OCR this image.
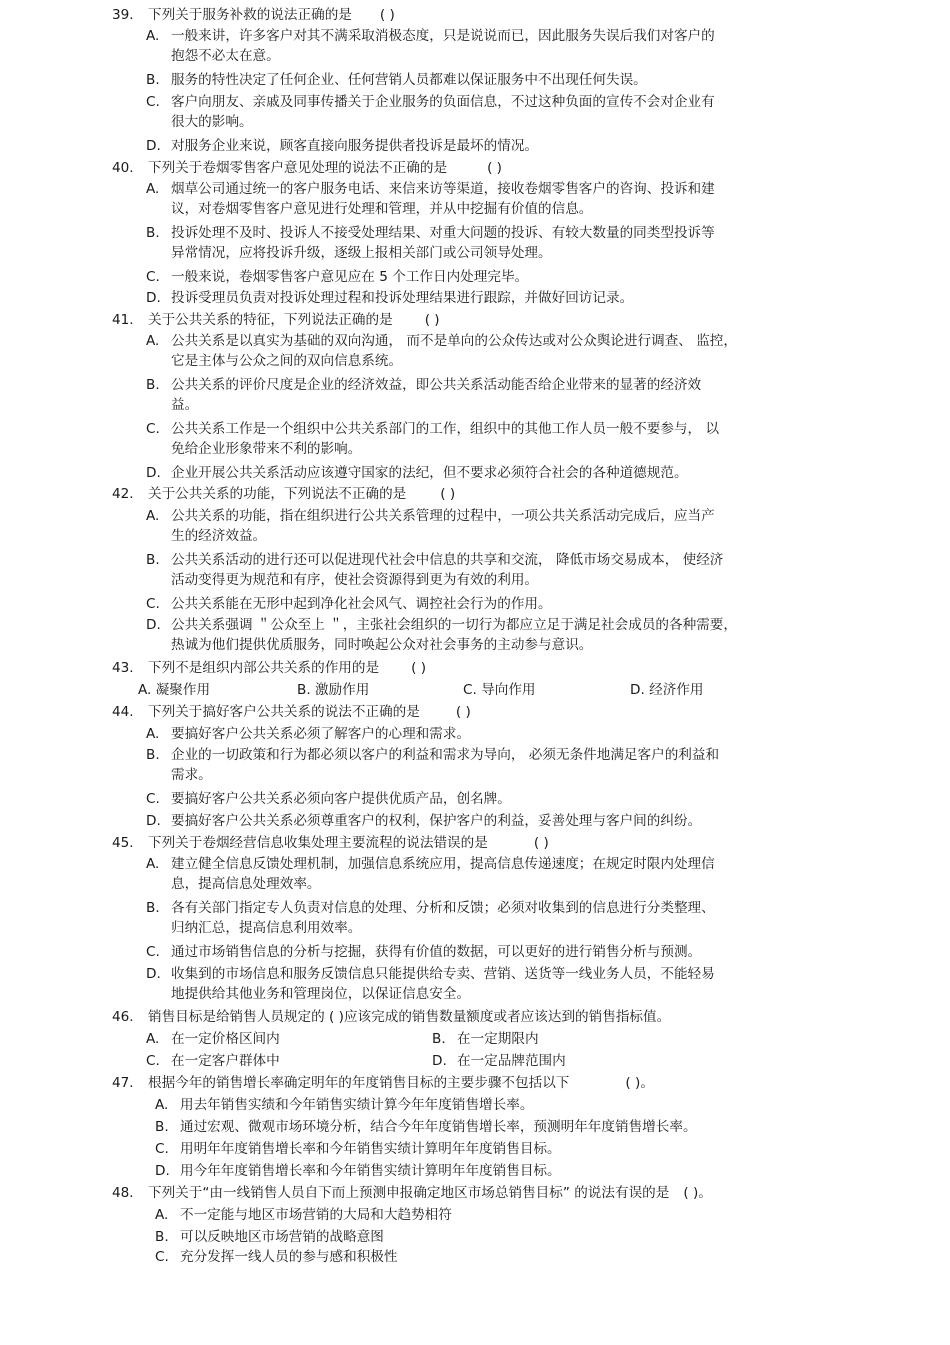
39. 下列关于服务补救的说法正确的是 ( )
A. 一般来讲，许多客户对其不满采取消极态度，只是说说而已，因此服务失误后我们对客户的
抱怨不必太在意。
B. 服务的特性决定了任何企业、任何营销人员都难以保证服务中不出现任何失误。
C. 客户向朋友、亲戚及同事传播关于企业服务的负面信息，不过这种负面的宣传不会对企业有
很大的影响。
D. 对服务企业来说，顾客直接向服务提供者投诉是最坏的情况。
40. 下列关于卷烟零售客户意见处理的说法不正确的是	( )
A. 烟草公司通过统一的客户服务电话、来信来访等渠道，接收卷烟零售客户的咨询、投诉和建
议，对卷烟零售客户意见进行处理和管理，并从中挖掘有价值的信息。
B. 投诉处理不及时、投诉人不接受处理结果、对重大问题的投诉、有较大数量的同类型投诉等
异常情况，应将投诉升级，逐级上报相关部门或公司领导处理。
C. 一般来说，卷烟零售客户意见应在 5 个工作日内处理完毕。
D. 投诉受理员负责对投诉处理过程和投诉处理结果进行跟踪，并做好回访记录。
41. 关于公共关系的特征，下列说法正确的是 ( )
A. 公共关系是以真实为基础的双向沟通， 而不是单向的公众传达或对公众舆论进行调查、 监控，
它是主体与公众之间的双向信息系统。
B. 公共关系的评价尺度是企业的经济效益，即公共关系活动能否给企业带来的显著的经济效
益。
C. 公共关系工作是一个组织中公共关系部门的工作，组织中的其他工作人员一般不要参与， 以
免给企业形象带来不利的影响。
D. 企业开展公共关系活动应该遵守国家的法纪，但不要求必须符合社会的各种道德规范。
42. 关于公共关系的功能，下列说法不正确的是	( )
A. 公共关系的功能，指在组织进行公共关系管理的过程中，一项公共关系活动完成后，应当产
生的经济效益。
B. 公共关系活动的进行还可以促进现代社会中信息的共享和交流， 降低市场交易成本， 使经济
活动变得更为规范和有序，使社会资源得到更为有效的利用。
C. 公共关系能在无形中起到净化社会风气、调控社会行为的作用。
D. 公共关系强调 ＂公众至上 ＂，主张社会组织的一切行为都应立足于满足社会成员的各种需要，
热诚为他们提供优质服务，同时唤起公众对社会事务的主动参与意识。
43. 下列不是组织内部公共关系的作用的是 ( )
A. 凝聚作用	B. 激励作用	C. 导向作用	D. 经济作用
44. 下列关于搞好客户公共关系的说法不正确的是	( )
A. 要搞好客户公共关系必须了解客户的心理和需求。
B. 企业的一切政策和行为都必须以客户的利益和需求为导向， 必须无条件地满足客户的利益和
需求。
C. 要搞好客户公共关系必须向客户提供优质产品，创名牌。
D. 要搞好客户公共关系必须尊重客户的权利，保护客户的利益，妥善处理与客户间的纠纷。
45. 下列关于卷烟经营信息收集处理主要流程的说法错误的是	( )
A. 建立健全信息反馈处理机制，加强信息系统应用，提高信息传递速度；在规定时限内处理信
息，提高信息处理效率。
B. 各有关部门指定专人负责对信息的处理、分析和反馈；必须对收集到的信息进行分类整理、
归纳汇总，提高信息利用效率。
C. 通过市场销售信息的分析与挖掘，获得有价值的数据，可以更好的进行销售分析与预测。
D. 收集到的市场信息和服务反馈信息只能提供给专卖、营销、送货等一线业务人员，不能轻易
地提供给其他业务和管理岗位，以保证信息安全。
46. 销售目标是给销售人员规定的 ( )应该完成的销售数量额度或者应该达到的销售指标值。
A. 在一定价格区间内	B. 在一定期限内
C. 在一定客户群体中	D. 在一定品牌范围内
47. 根据今年的销售增长率确定明年的年度销售目标的主要步骤不包括以下	( )。
A. 用去年销售实绩和今年销售实绩计算今年年度销售增长率。
B. 通过宏观、微观市场环境分析，结合今年年度销售增长率，预测明年年度销售增长率。
C. 用明年年度销售增长率和今年销售实绩计算明年年度销售目标。
D. 用今年年度销售增长率和今年销售实绩计算明年年度销售目标。
48. 下列关于“由一线销售人员自下而上预测申报确定地区市场总销售目标” 的说法有误的是 ( )。
A. 不一定能与地区市场营销的大局和大趋势相符
B. 可以反映地区市场营销的战略意图
C. 充分发挥一线人员的参与感和积极性
